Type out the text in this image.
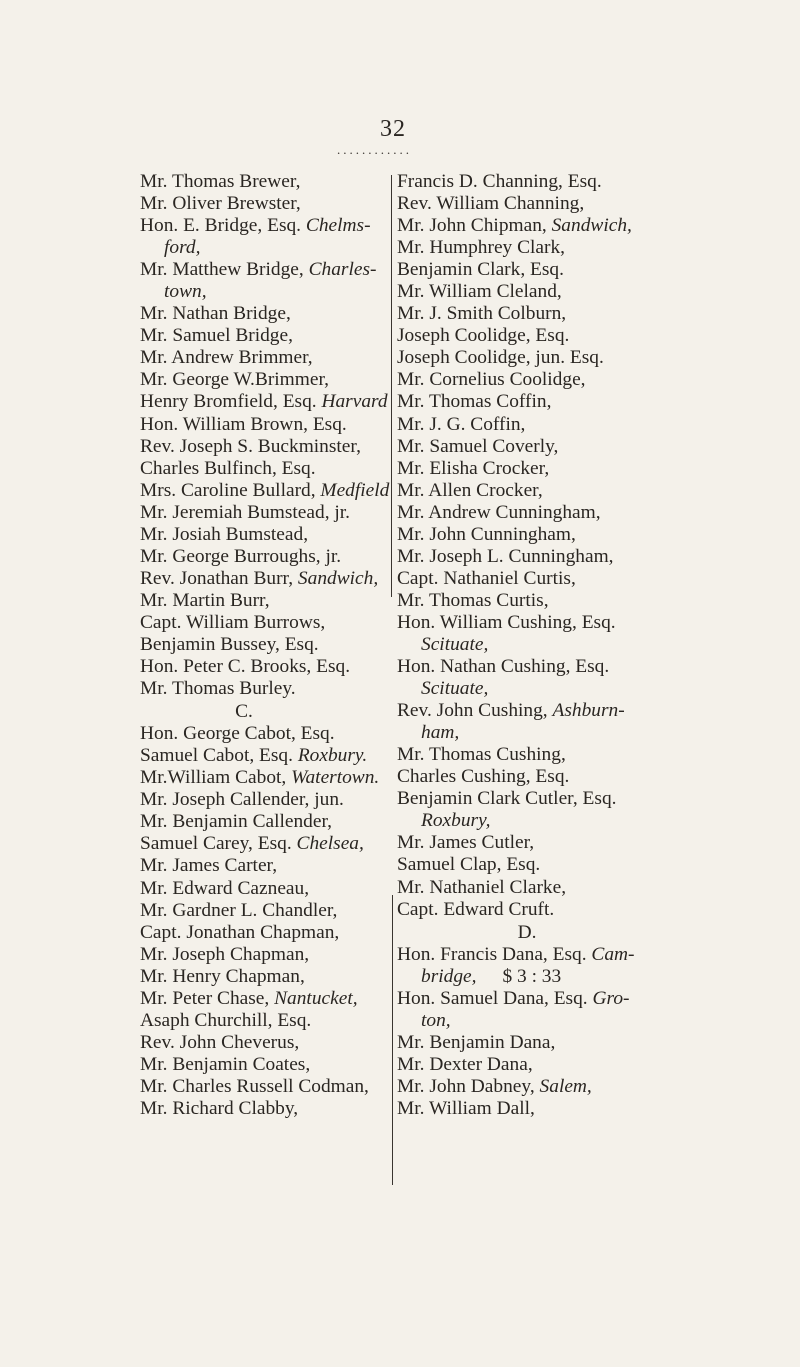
32
............
Mr. Thomas Brewer,
Mr. Oliver Brewster,
Hon. E. Bridge, Esq. Chelms-
ford,
Mr. Matthew Bridge, Charles-
town,
Mr. Nathan Bridge,
Mr. Samuel Bridge,
Mr. Andrew Brimmer,
Mr. George W.Brimmer,
Henry Bromfield, Esq. Harvard
Hon. William Brown, Esq.
Rev. Joseph S. Buckminster,
Charles Bulfinch, Esq.
Mrs. Caroline Bullard, Medfield
Mr. Jeremiah Bumstead, jr.
Mr. Josiah Bumstead,
Mr. George Burroughs, jr.
Rev. Jonathan Burr, Sandwich,
Mr. Martin Burr,
Capt. William Burrows,
Benjamin Bussey, Esq.
Hon. Peter C. Brooks, Esq.
Mr. Thomas Burley.
C.
Hon. George Cabot, Esq.
Samuel Cabot, Esq. Roxbury.
Mr.William Cabot, Watertown.
Mr. Joseph Callender, jun.
Mr. Benjamin Callender,
Samuel Carey, Esq. Chelsea,
Mr. James Carter,
Mr. Edward Cazneau,
Mr. Gardner L. Chandler,
Capt. Jonathan Chapman,
Mr. Joseph Chapman,
Mr. Henry Chapman,
Mr. Peter Chase, Nantucket,
Asaph Churchill, Esq.
Rev. John Cheverus,
Mr. Benjamin Coates,
Mr. Charles Russell Codman,
Mr. Richard Clabby,
Francis D. Channing, Esq.
Rev. William Channing,
Mr. John Chipman, Sandwich,
Mr. Humphrey Clark,
Benjamin Clark, Esq.
Mr. William Cleland,
Mr. J. Smith Colburn,
Joseph Coolidge, Esq.
Joseph Coolidge, jun. Esq.
Mr. Cornelius Coolidge,
Mr. Thomas Coffin,
Mr. J. G. Coffin,
Mr. Samuel Coverly,
Mr. Elisha Crocker,
Mr. Allen Crocker,
Mr. Andrew Cunningham,
Mr. John Cunningham,
Mr. Joseph L. Cunningham,
Capt. Nathaniel Curtis,
Mr. Thomas Curtis,
Hon. William Cushing, Esq.
Scituate,
Hon. Nathan Cushing, Esq.
Scituate,
Rev. John Cushing, Ashburn-
ham,
Mr. Thomas Cushing,
Charles Cushing, Esq.
Benjamin Clark Cutler, Esq.
Roxbury,
Mr. James Cutler,
Samuel Clap, Esq.
Mr. Nathaniel Clarke,
Capt. Edward Cruft.
D.
Hon. Francis Dana, Esq. Cam-
bridge, $ 3 : 33
Hon. Samuel Dana, Esq. Gro-
ton,
Mr. Benjamin Dana,
Mr. Dexter Dana,
Mr. John Dabney, Salem,
Mr. William Dall,
